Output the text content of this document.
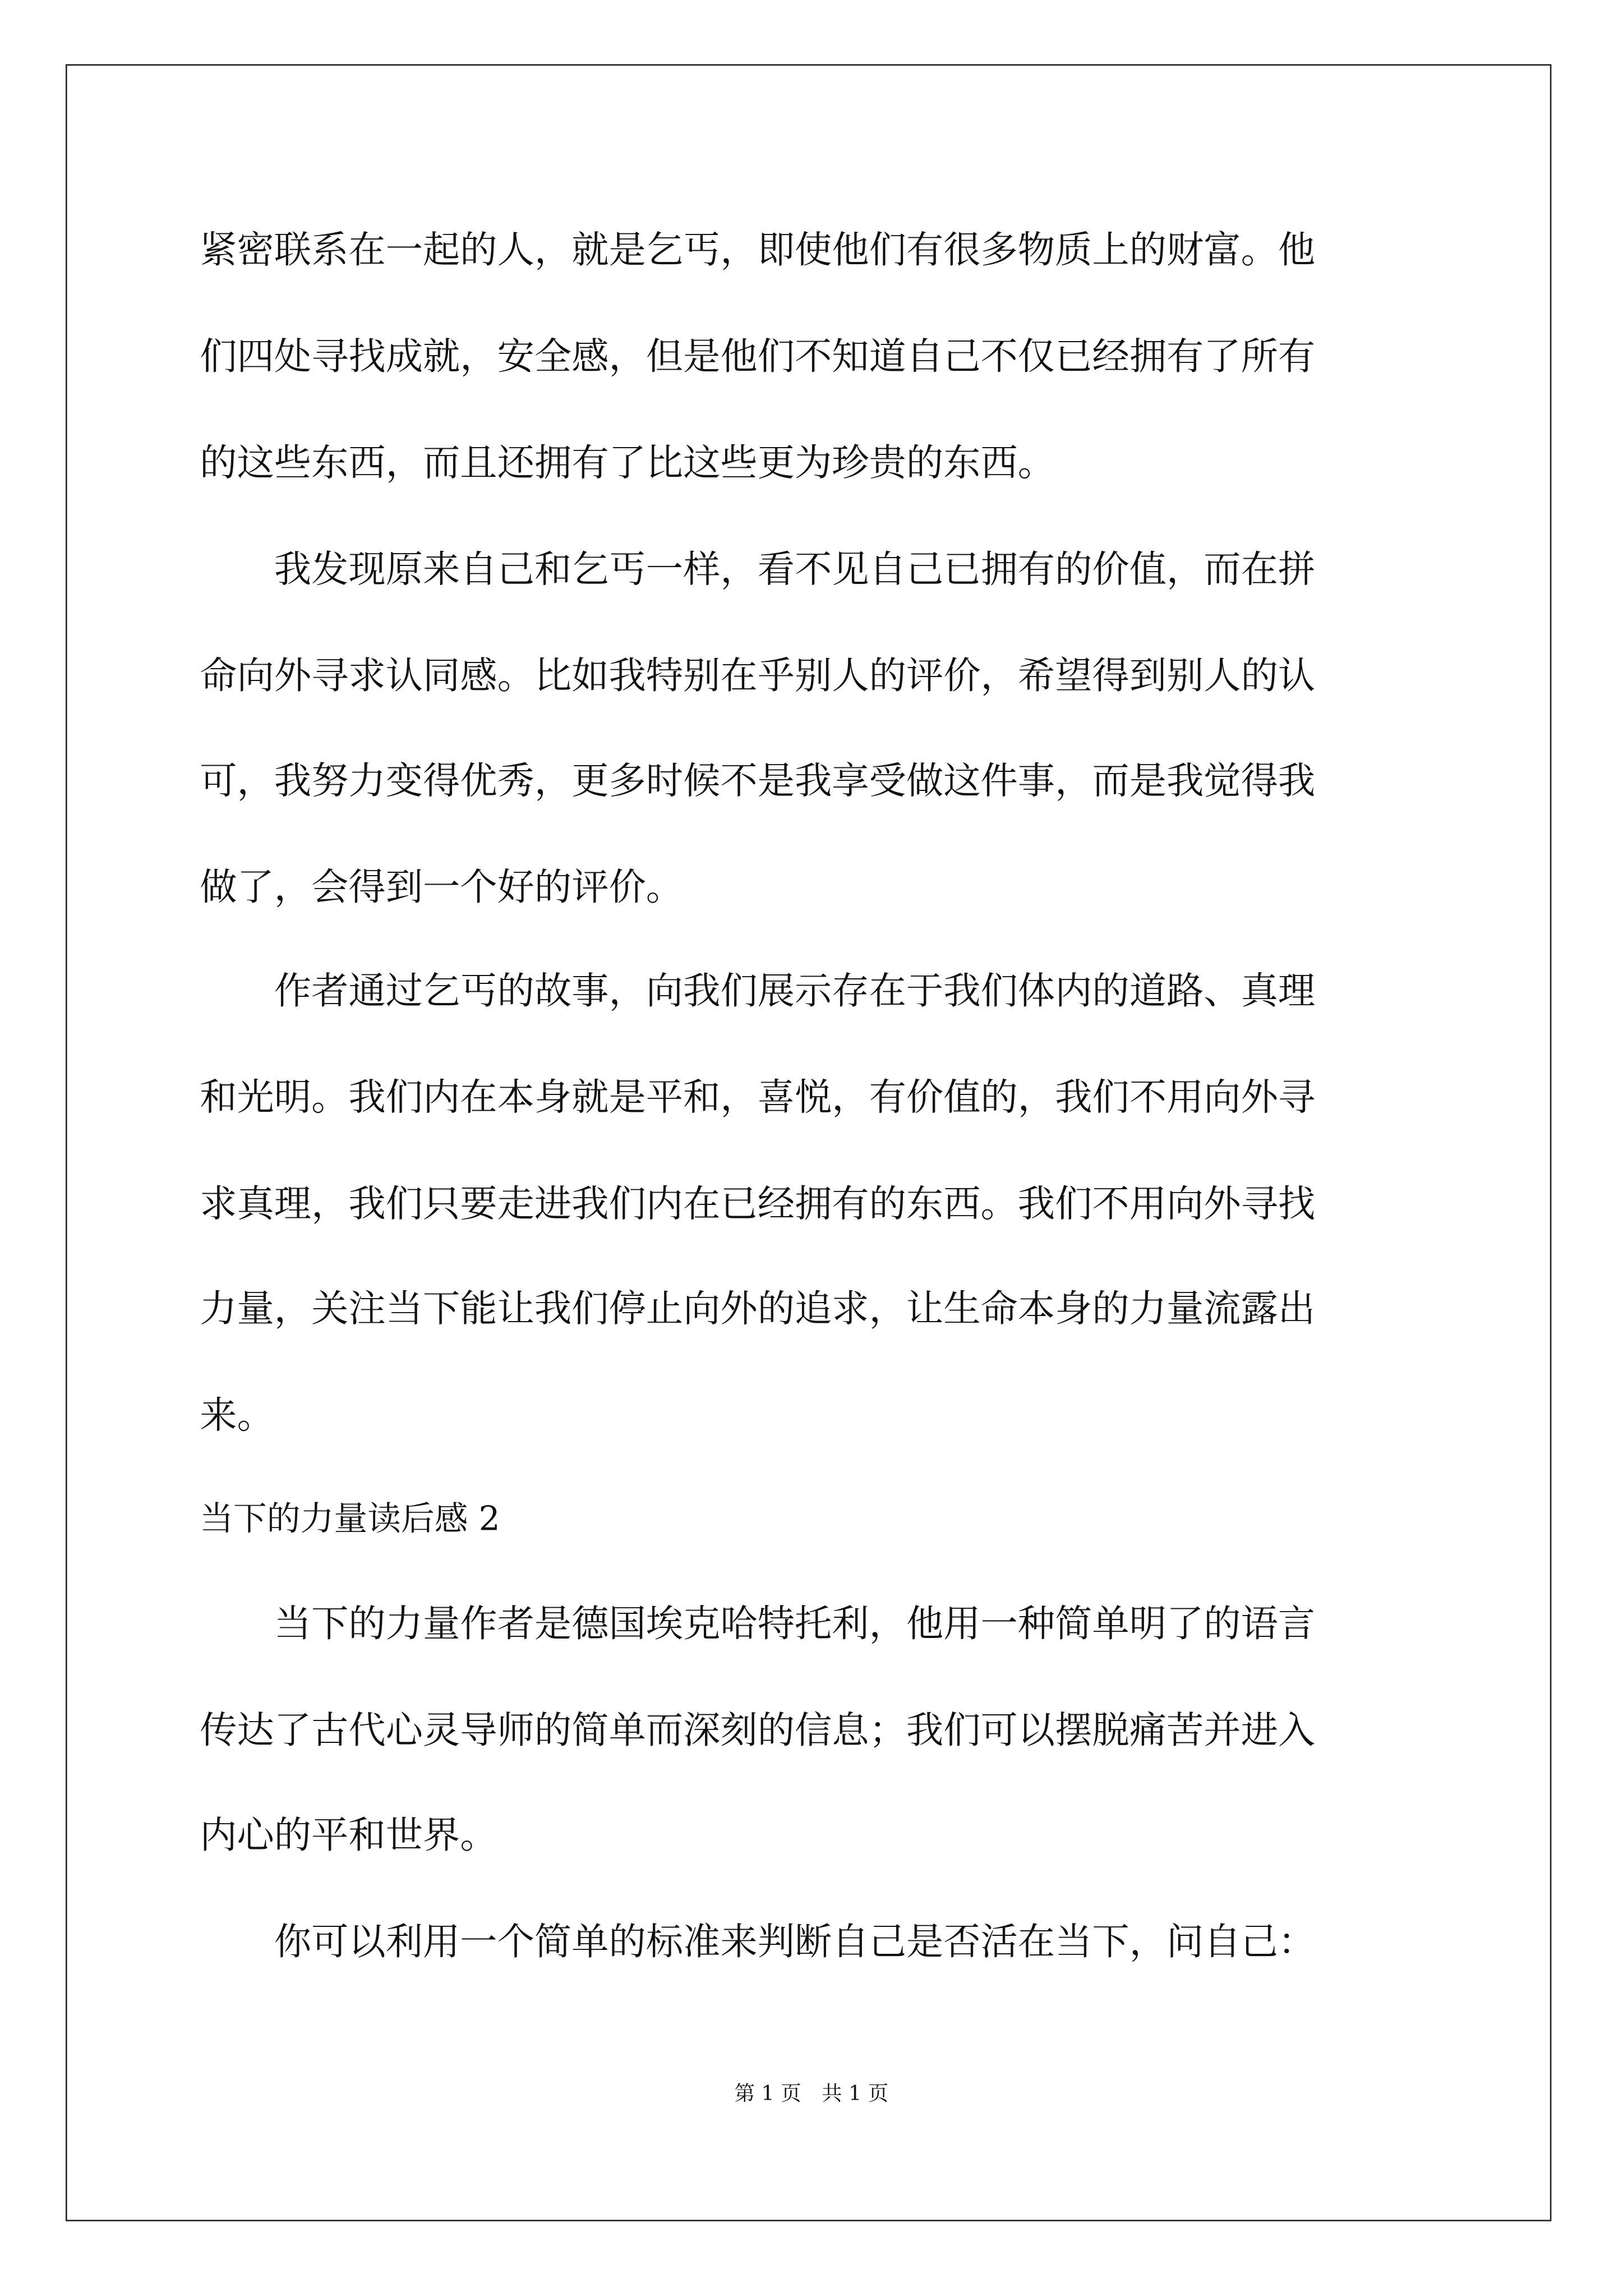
紧密联系在一起的人，就是乞丐，即使他们有很多物质上的财富。他
们四处寻找成就，安全感，但是他们不知道自己不仅已经拥有了所有
的这些东西，而且还拥有了比这些更为珍贵的东西。
　　我发现原来自己和乞丐一样，看不见自己已拥有的价值，而在拼
命向外寻求认同感。比如我特别在乎别人的评价，希望得到别人的认
可，我努力变得优秀，更多时候不是我享受做这件事，而是我觉得我
做了，会得到一个好的评价。
　　作者通过乞丐的故事，向我们展示存在于我们体内的道路、真理
和光明。我们内在本身就是平和，喜悦，有价值的，我们不用向外寻
求真理，我们只要走进我们内在已经拥有的东西。我们不用向外寻找
力量，关注当下能让我们停止向外的追求，让生命本身的力量流露出
来。
当下的力量读后感 2
　　当下的力量作者是德国埃克哈特托利，他用一种简单明了的语言
传达了古代心灵导师的简单而深刻的信息；我们可以摆脱痛苦并进入
内心的平和世界。
　　你可以利用一个简单的标准来判断自己是否活在当下，问自己：
第 1 页　共 1 页
